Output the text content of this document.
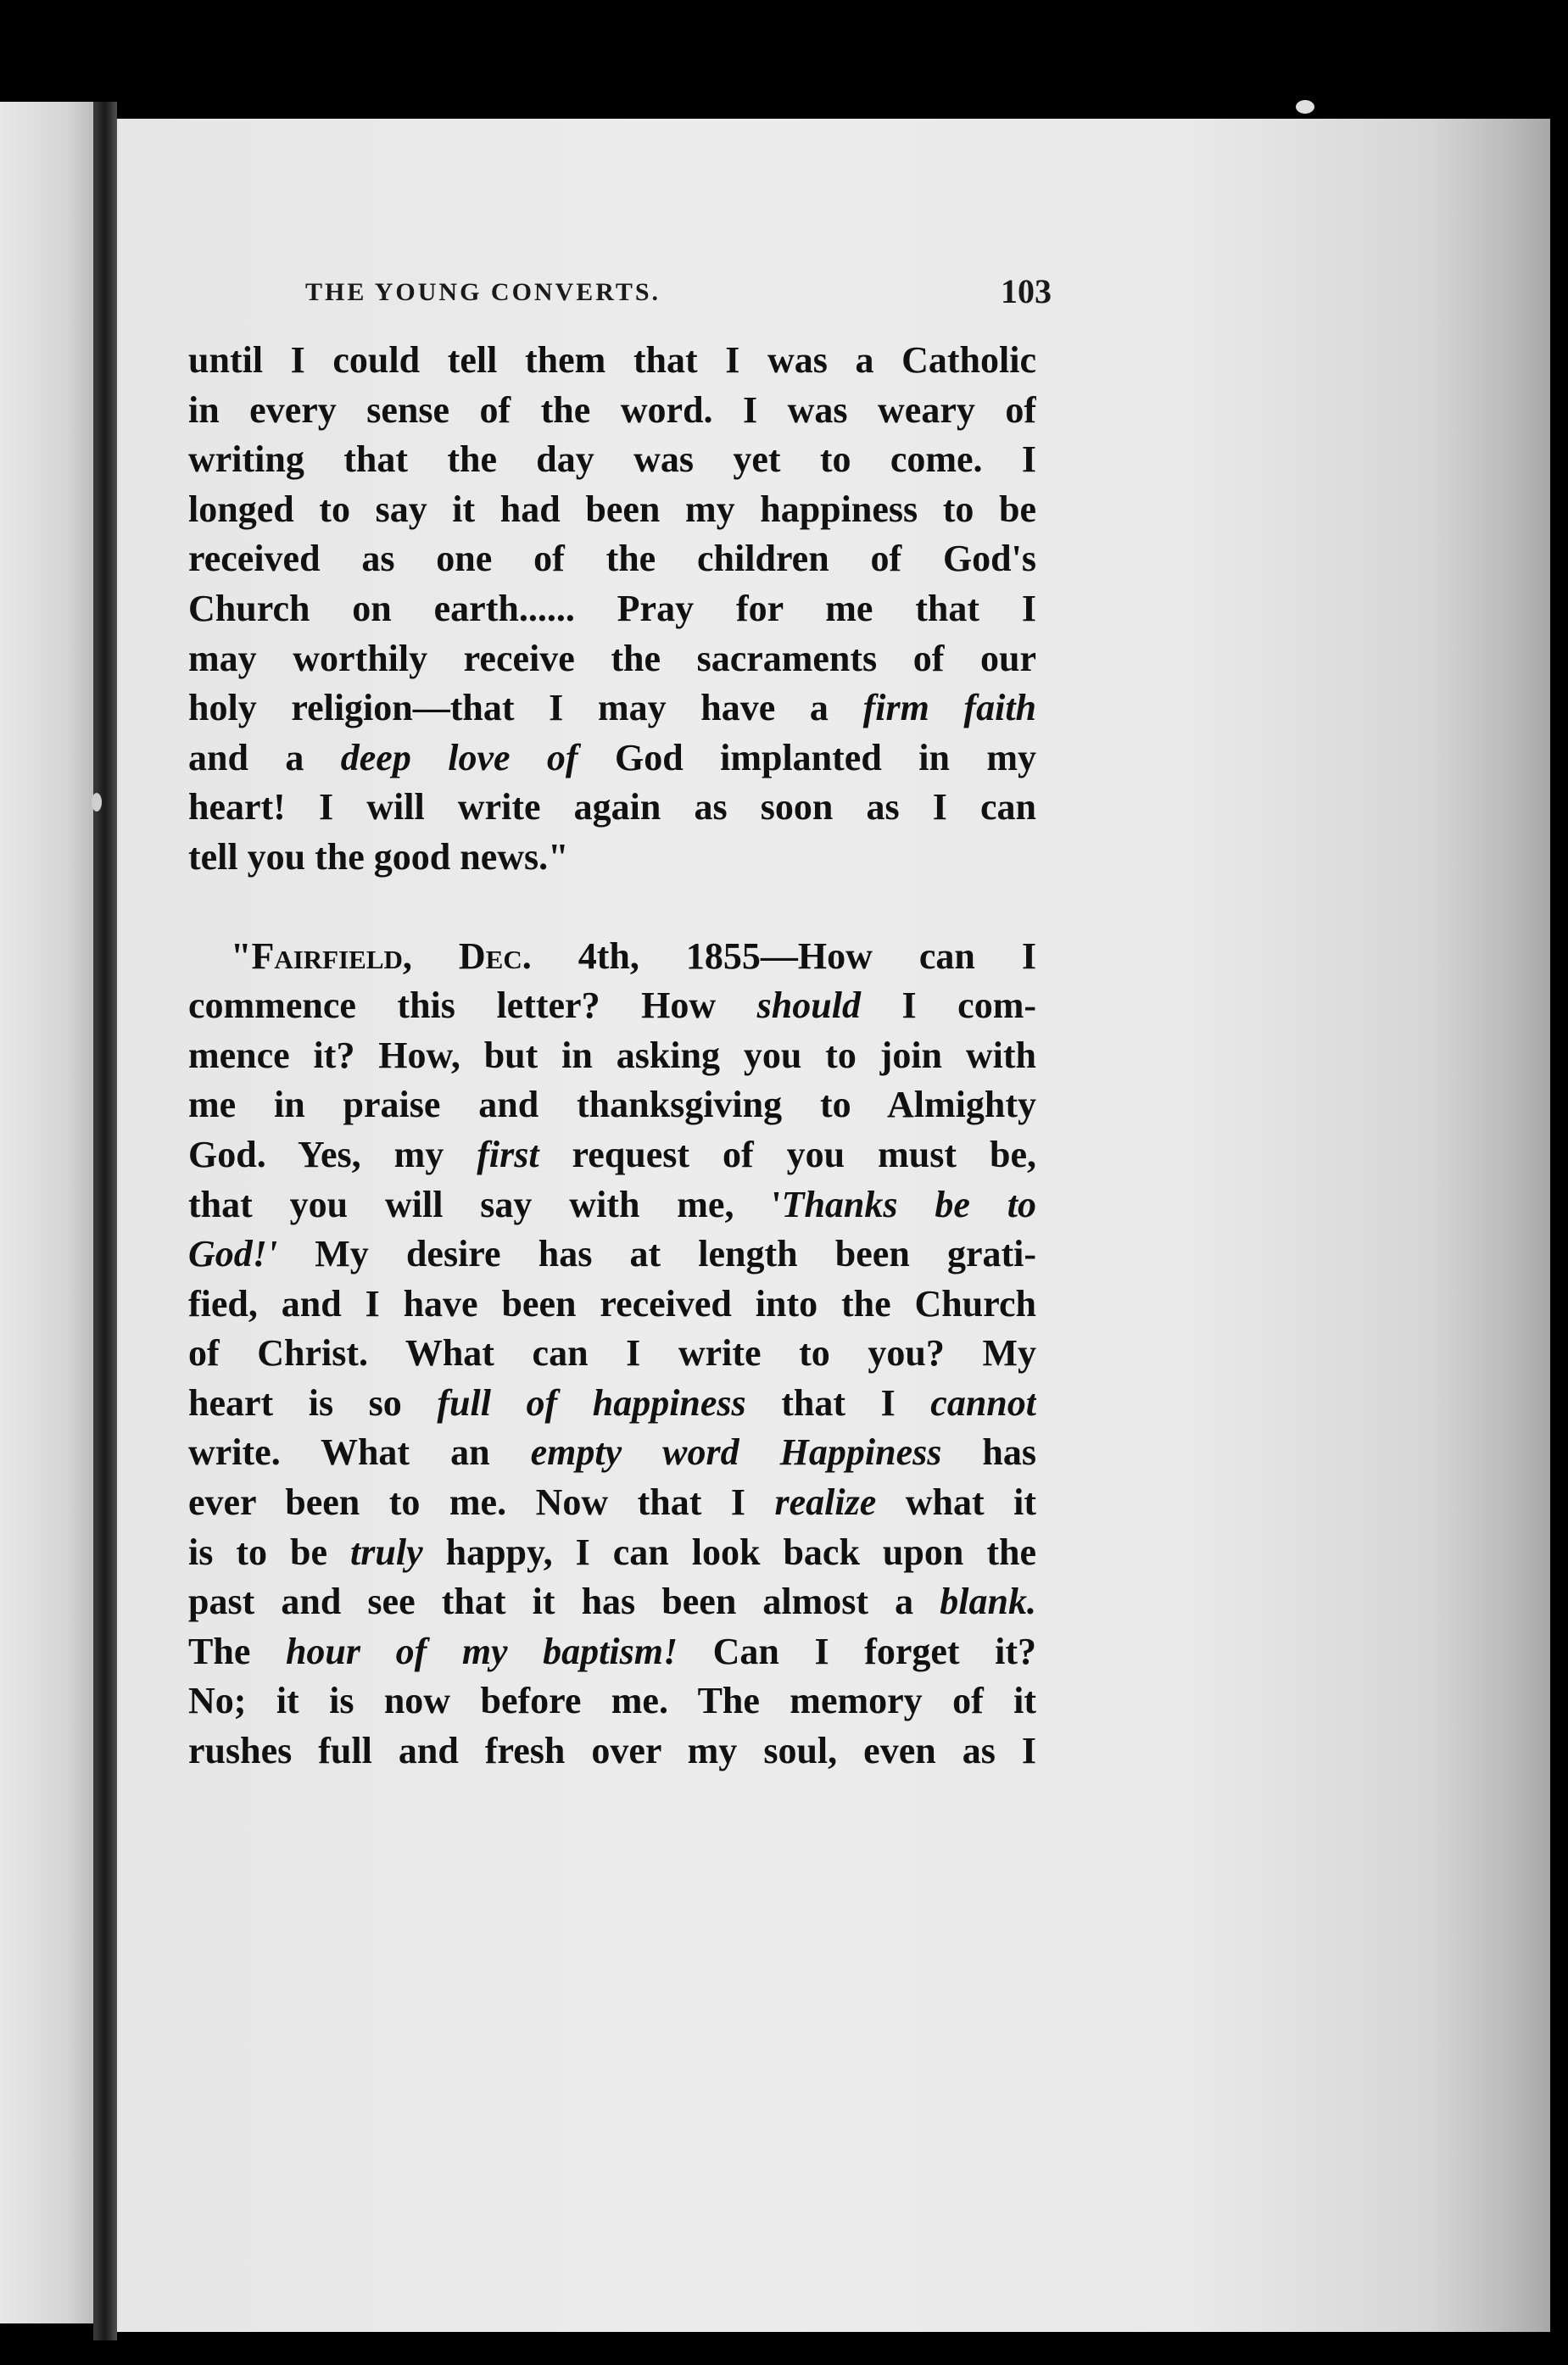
THE YOUNG CONVERTS.	103
until I could tell them that I was a Catholic
in every sense of the word. I was weary of
writing that the day was yet to come. I
longed to say it had been my happiness to be
received as one of the children of God's
Church on earth...... Pray for me that I
may worthily receive the sacraments of our
holy religion—that I may have a firm faith
and a deep love of God implanted in my
heart! I will write again as soon as I can
tell you the good news."
"Fairfield, Dec. 4th, 1855—How can I
commence this letter? How should I com-
mence it? How, but in asking you to join with
me in praise and thanksgiving to Almighty
God. Yes, my first request of you must be,
that you will say with me, 'Thanks be to
God!' My desire has at length been grati-
fied, and I have been received into the Church
of Christ. What can I write to you? My
heart is so full of happiness that I cannot
write. What an empty word Happiness has
ever been to me. Now that I realize what it
is to be truly happy, I can look back upon the
past and see that it has been almost a blank.
The hour of my baptism! Can I forget it?
No; it is now before me. The memory of it
rushes full and fresh over my soul, even as I
